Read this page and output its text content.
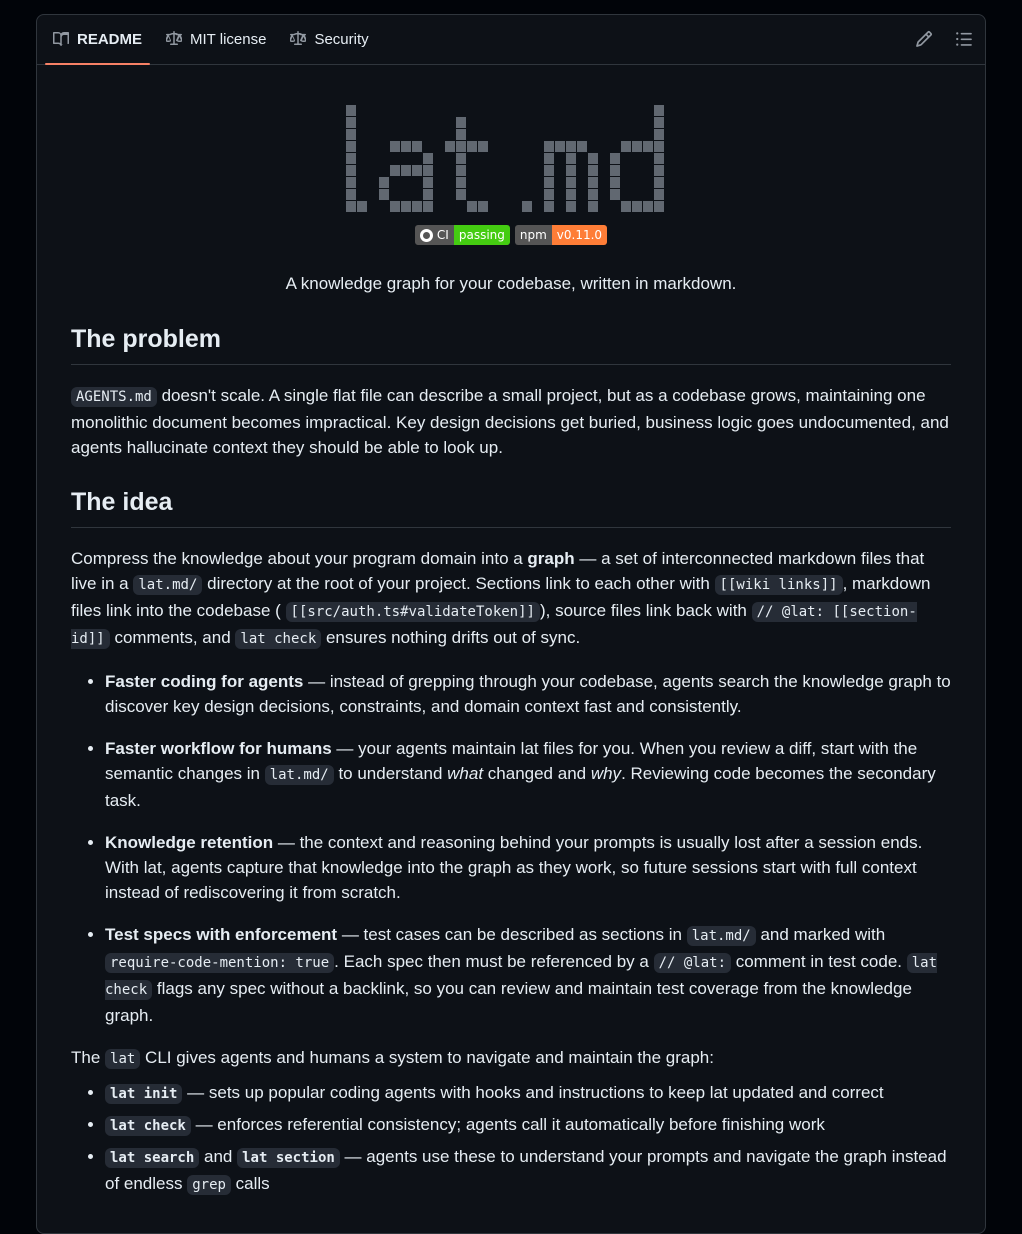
README	MIT license	Security
CI passing	npm v0.11.0

A knowledge graph for your codebase, written in markdown.

The problem

AGENTS.md doesn't scale. A single flat file can describe a small project, but as a codebase grows, maintaining one monolithic document becomes impractical. Key design decisions get buried, business logic goes undocumented, and agents hallucinate context they should be able to look up.

The idea

Compress the knowledge about your program domain into a graph — a set of interconnected markdown files that live in a lat.md/ directory at the root of your project. Sections link to each other with [[wiki links]] , markdown files link into the codebase ( [[src/auth.ts#validateToken]] ), source files link back with // @lat: [[section-id]] comments, and lat check ensures nothing drifts out of sync.

• Faster coding for agents — instead of grepping through your codebase, agents search the knowledge graph to discover key design decisions, constraints, and domain context fast and consistently.
• Faster workflow for humans — your agents maintain lat files for you. When you review a diff, start with the semantic changes in lat.md/ to understand what changed and why. Reviewing code becomes the secondary task.
• Knowledge retention — the context and reasoning behind your prompts is usually lost after a session ends. With lat, agents capture that knowledge into the graph as they work, so future sessions start with full context instead of rediscovering it from scratch.
• Test specs with enforcement — test cases can be described as sections in lat.md/ and marked with require-code-mention: true . Each spec then must be referenced by a // @lat: comment in test code. lat check flags any spec without a backlink, so you can review and maintain test coverage from the knowledge graph.

The lat CLI gives agents and humans a system to navigate and maintain the graph:

• lat init — sets up popular coding agents with hooks and instructions to keep lat updated and correct
• lat check — enforces referential consistency; agents call it automatically before finishing work
• lat search and lat section — agents use these to understand your prompts and navigate the graph instead of endless grep calls
